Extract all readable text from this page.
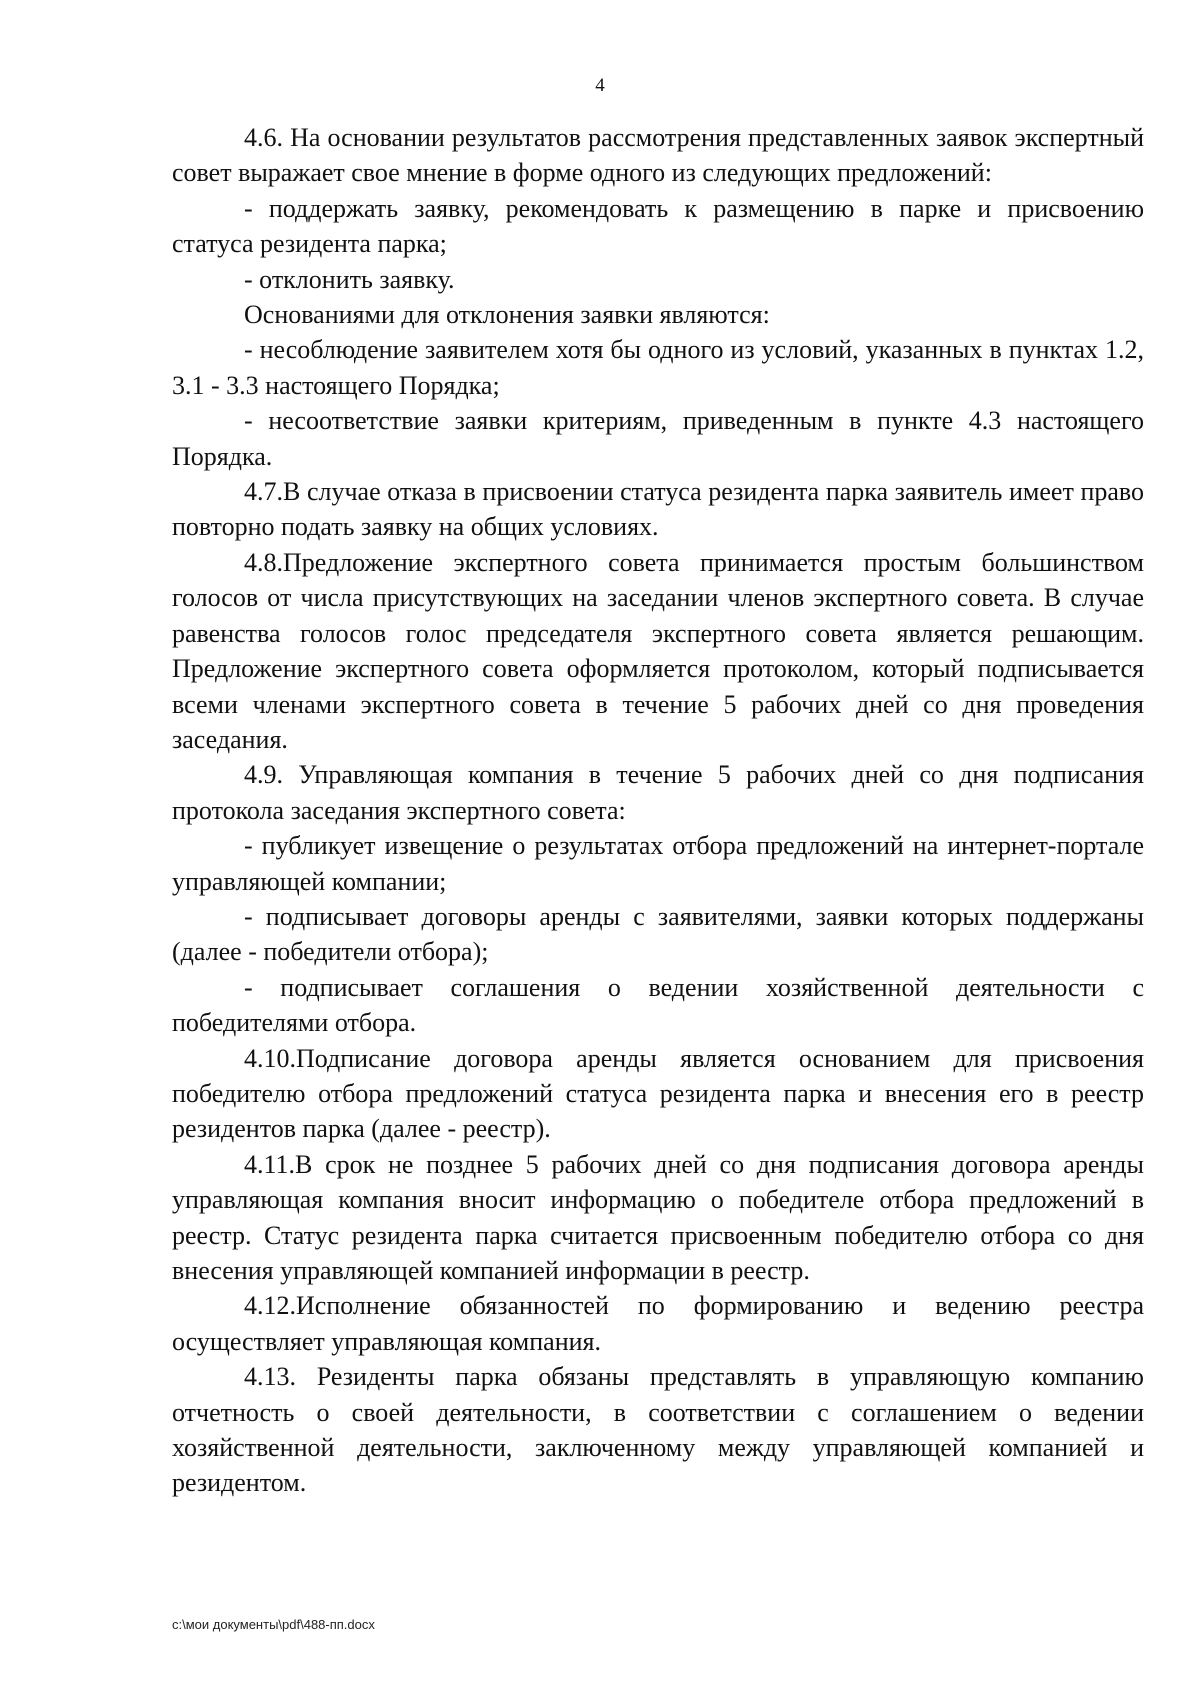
4

4.6. На основании результатов рассмотрения представленных заявок экспертный совет выражает свое мнение в форме одного из следующих предложений:

- поддержать заявку, рекомендовать к размещению в парке и присвоению статуса резидента парка;

- отклонить заявку.

Основаниями для отклонения заявки являются:

- несоблюдение заявителем хотя бы одного из условий, указанных в пунктах 1.2, 3.1 - 3.3 настоящего Порядка;

- несоответствие заявки критериям, приведенным в пункте 4.3 настоящего Порядка.

4.7.В случае отказа в присвоении статуса резидента парка заявитель имеет право повторно подать заявку на общих условиях.

4.8.Предложение экспертного совета принимается простым большинством голосов от числа присутствующих на заседании членов экспертного совета. В случае равенства голосов голос председателя экспертного совета является решающим. Предложение экспертного совета оформляется протоколом, который подписывается всеми членами экспертного совета в течение 5 рабочих дней со дня проведения заседания.

4.9. Управляющая компания в течение 5 рабочих дней со дня подписания протокола заседания экспертного совета:

- публикует извещение о результатах отбора предложений на интернет-портале управляющей компании;

- подписывает договоры аренды с заявителями, заявки которых поддержаны (далее - победители отбора);

- подписывает соглашения о ведении хозяйственной деятельности с победителями отбора.

4.10.Подписание договора аренды является основанием для присвоения победителю отбора предложений статуса резидента парка и внесения его в реестр резидентов парка (далее - реестр).

4.11.В срок не позднее 5 рабочих дней со дня подписания договора аренды управляющая компания вносит информацию о победителе отбора предложений в реестр. Статус резидента парка считается присвоенным победителю отбора со дня внесения управляющей компанией информации в реестр.

4.12.Исполнение обязанностей по формированию и ведению реестра осуществляет управляющая компания.

4.13. Резиденты парка обязаны представлять в управляющую компанию отчетность о своей деятельности, в соответствии с соглашением о ведении хозяйственной деятельности, заключенному между управляющей компанией и резидентом.

c:\мои документы\pdf\488-пп.docx
